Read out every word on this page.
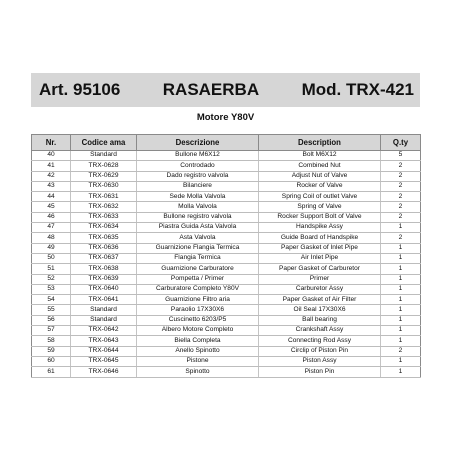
Art. 95106 RASAERBA Mod. TRX-421
Motore Y80V
Nr.	Codice ama	Descrizione	Description	Q.ty
40	Standard	Bullone M6X12	Bolt M6X12	5
41	TRX-0628	Controdado	Combined Nut	2
42	TRX-0629	Dado registro valvola	Adjust Nut of Valve	2
43	TRX-0630	Bilanciere	Rocker of Valve	2
44	TRX-0631	Sede Molla Valvola	Spring Coil of outlet Valve	2
45	TRX-0632	Molla Valvola	Spring of Valve	2
46	TRX-0633	Bullone registro valvola	Rocker Support Bolt of Valve	2
47	TRX-0634	Piastra Guida Asta Valvola	Handspike Assy	1
48	TRX-0635	Asta Valvola	Guide Board of Handspike	2
49	TRX-0636	Guarnizione Flangia Termica	Paper Gasket of Inlet Pipe	1
50	TRX-0637	Flangia Termica	Air Inlet Pipe	1
51	TRX-0638	Guarnizione Carburatore	Paper Gasket of Carburetor	1
52	TRX-0639	Pompetta / Primer	Primer	1
53	TRX-0640	Carburatore Completo Y80V	Carburetor Assy	1
54	TRX-0641	Guarnizione Filtro aria	Paper Gasket of Air Filter	1
55	Standard	Paraolio 17X30X6	Oil Seal 17X30X6	1
56	Standard	Cuscinetto 6203/P5	Ball bearing	1
57	TRX-0642	Albero Motore Completo	Crankshaft Assy	1
58	TRX-0643	Biella Completa	Connecting Rod Assy	1
59	TRX-0644	Anello Spinotto	Circlip of Piston Pin	2
60	TRX-0645	Pistone	Piston Assy	1
61	TRX-0646	Spinotto	Piston Pin	1
